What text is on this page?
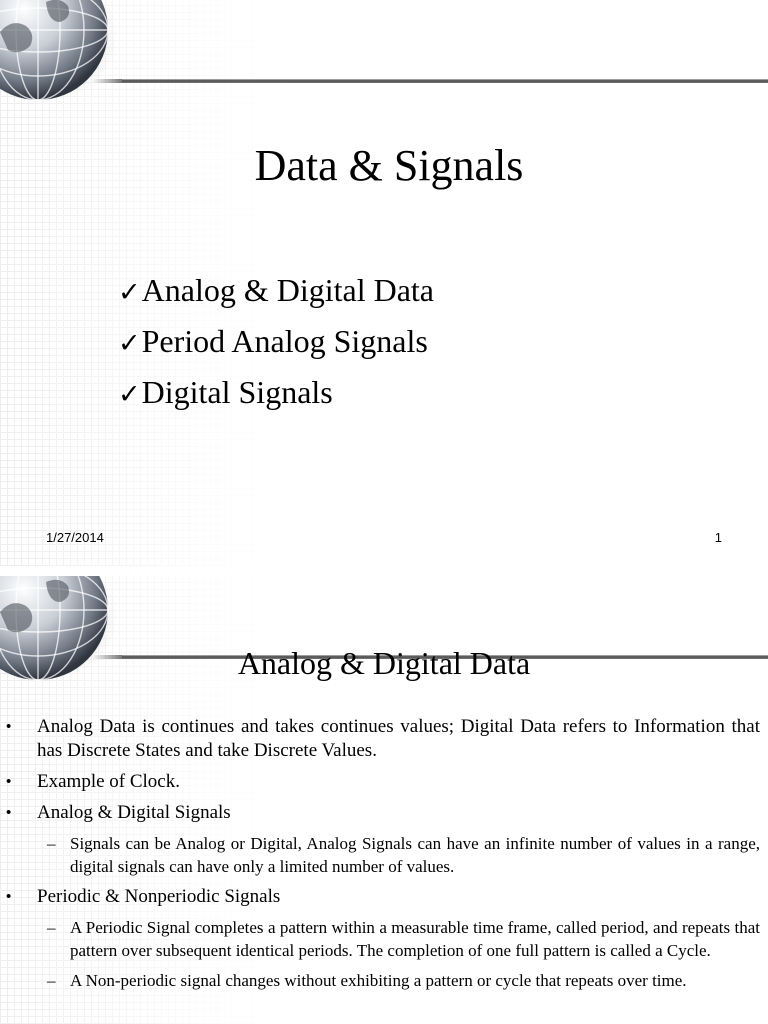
Data & Signals
✓Analog & Digital Data
✓Period Analog Signals
✓Digital Signals
1/27/2014	1
Analog & Digital Data
•	Analog Data is continues and takes continues values; Digital Data refers to Information that has Discrete States and take Discrete Values.
•	Example of Clock.
•	Analog & Digital Signals
– Signals can be Analog or Digital, Analog Signals can have an infinite number of values in a range, digital signals can have only a limited number of values.
•	Periodic & Nonperiodic Signals
– A Periodic Signal completes a pattern within a measurable time frame, called period, and repeats that pattern over subsequent identical periods. The completion of one full pattern is called a Cycle.
– A Non-periodic signal changes without exhibiting a pattern or cycle that repeats over time.
